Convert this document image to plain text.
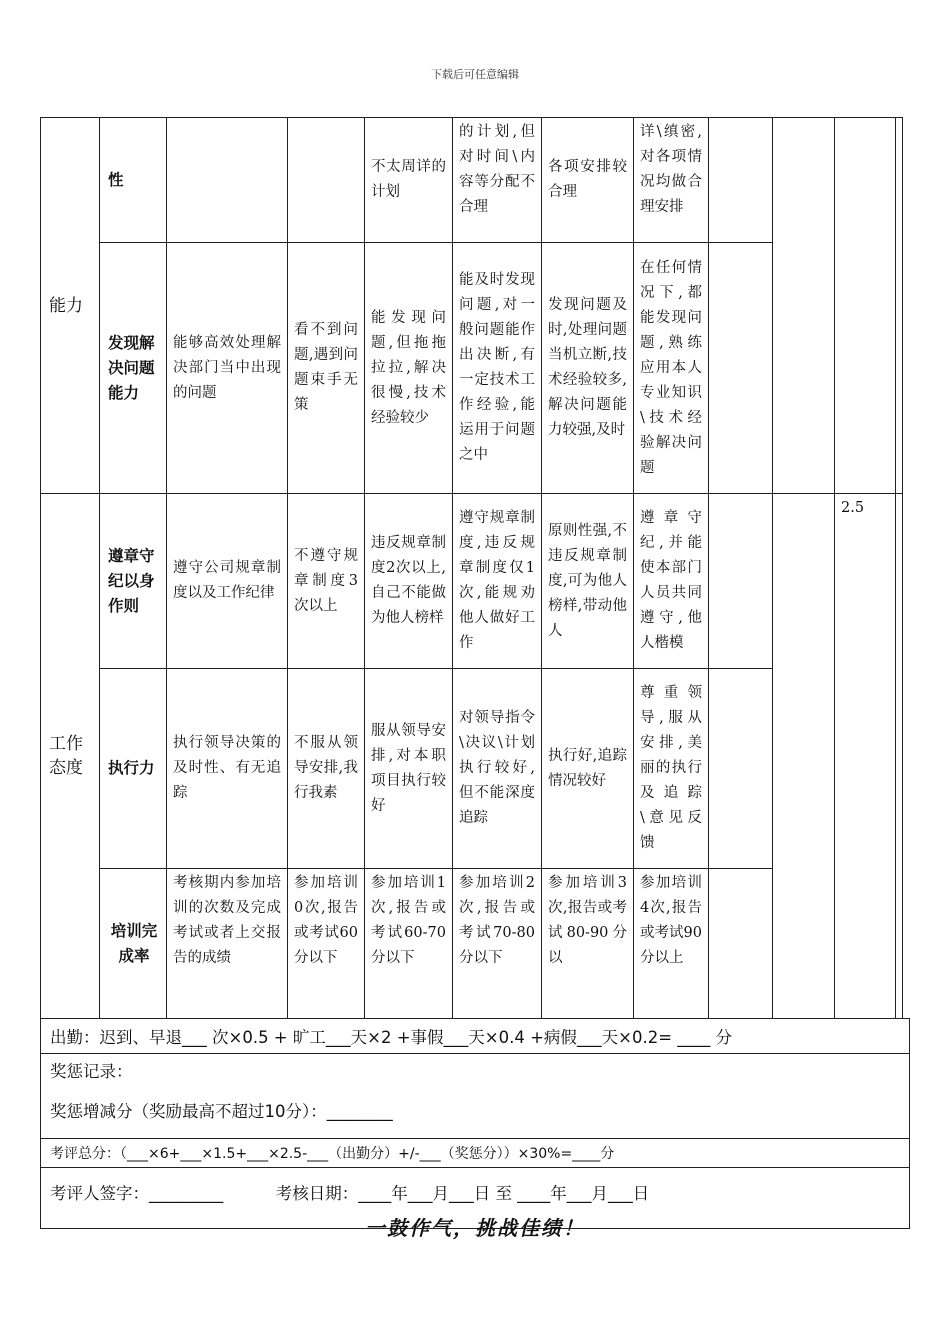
下载后可任意编辑
能力	性			不太周详的计划	的计划,但对时间\内容等分配不合理	各项安排较合理	详\缜密,对各项情况均做合理安排				
	发现解决问题能力	能够高效处理解决部门当中出现的问题	看不到问题,遇到问题束手无策	能发现问题,但拖拖拉拉,解决很慢,技术经验较少	能及时发现问题,对一般问题能作出决断,有一定技术工作经验,能运用于问题之中	发现问题及时,处理问题当机立断,技术经验较多,解决问题能力较强,及时	在任何情况下,都能发现问题,熟练应用本人专业知识\技术经验解决问题				
工作态度	遵章守纪以身作则	遵守公司规章制度以及工作纪律	不遵守规章制度3次以上	违反规章制度2次以上,自己不能做为他人榜样	遵守规章制度,违反规章制度仅1次,能规劝他人做好工作	原则性强,不违反规章制度,可为他人榜样,带动他人	遵章守纪,并能使本部门人员共同遵守,他人楷模			2.5	
	执行力	执行领导决策的及时性、有无追踪	不服从领导安排,我行我素	服从领导安排,对本职项目执行较好	对领导指令\决议\计划执行较好,但不能深度追踪	执行好,追踪情况较好	尊重领导,服从安排,美丽的执行及追踪\意见反馈				
	培训完成率	考核期内参加培训的次数及完成考试或者上交报告的成绩	参加培训0次,报告或考试60分以下	参加培训1次,报告或考试60-70分以下	参加培训2次,报告或考试70-80分以下	参加培训3次,报告或考试80-90分以	参加培训4次,报告或考试90分以上				
出勤：迟到、早退___ 次×0.5 + 旷工___天×2 +事假___天×0.4 +病假___天×0.2= ____ 分

奖惩记录：
奖惩增减分（奖励最高不超过10分）：________

考评总分：（___×6+___×1.5+___×2.5-___（出勤分）+/-___（奖惩分））×30%=____分
考评人签字：_________          考核日期：____年___月___日 至 ____年___月___日
一鼓作气，挑战佳绩！
